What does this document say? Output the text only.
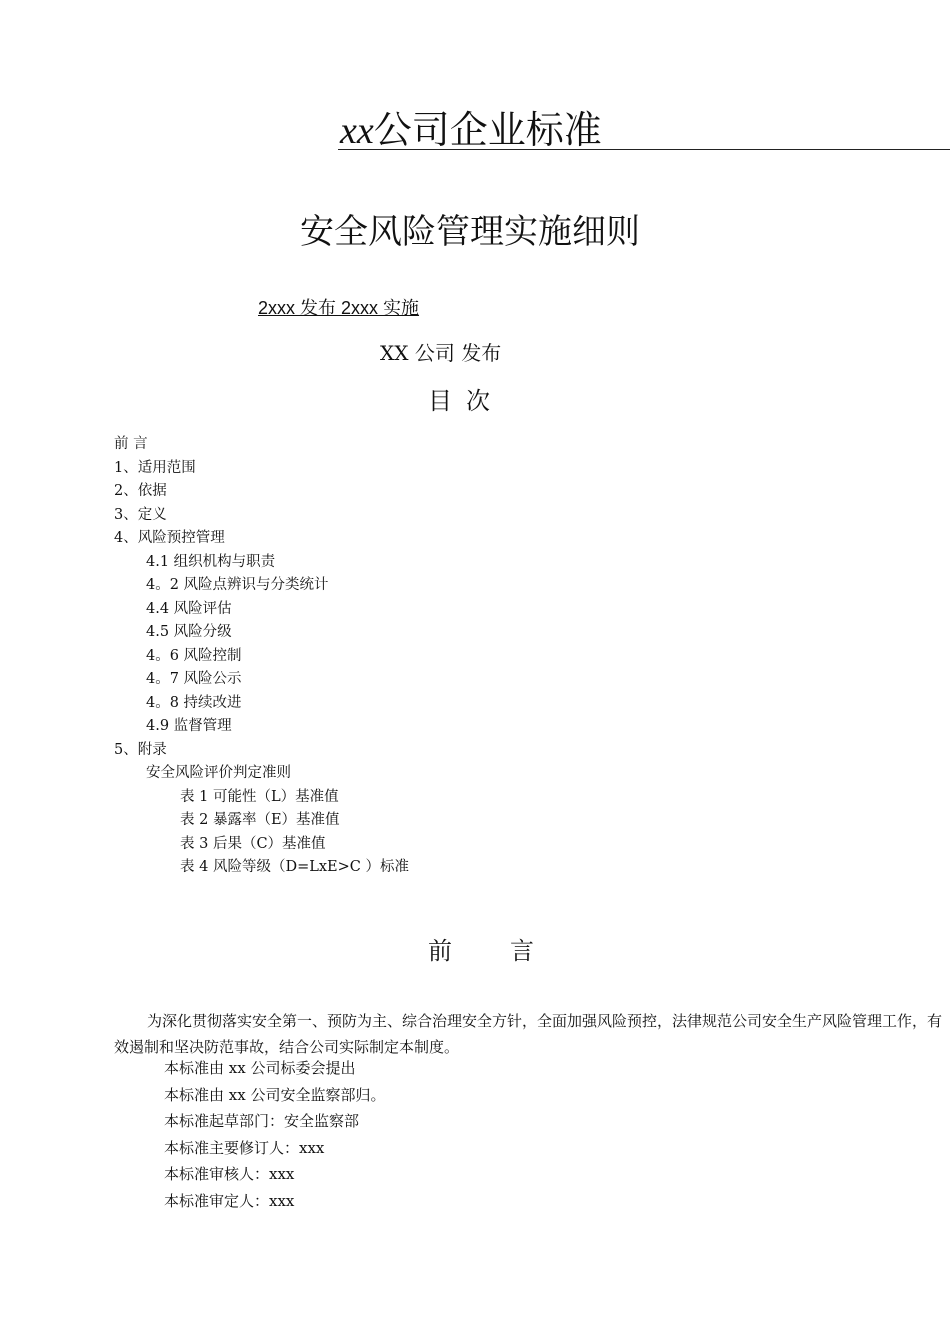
xx公司企业标准
安全风险管理实施细则
2xxx 发布 2xxx 实施
XX 公司 发布
目次
前 言
1、适用范围
2、依据
3、定义
4、风险预控管理
4.1 组织机构与职责
4。2 风险点辨识与分类统计
4.4 风险评估
4.5 风险分级
4。6 风险控制
4。7 风险公示
4。8 持续改进
4.9 监督管理
5、附录
安全风险评价判定准则
表 1 可能性（L）基准值
表 2 暴露率（E）基准值
表 3 后果（C）基准值
表 4 风险等级（D=LxE>C ）标准
前言
为深化贯彻落实安全第一、预防为主、综合治理安全方针，全面加强风险预控，法律规范公司安全生产风险管理工作，有效遏制和坚决防范事故，结合公司实际制定本制度。
本标准由 xx 公司标委会提出
本标准由 xx 公司安全监察部归。
本标准起草部门：安全监察部
本标准主要修订人：xxx
本标准审核人：xxx
本标准审定人：xxx
